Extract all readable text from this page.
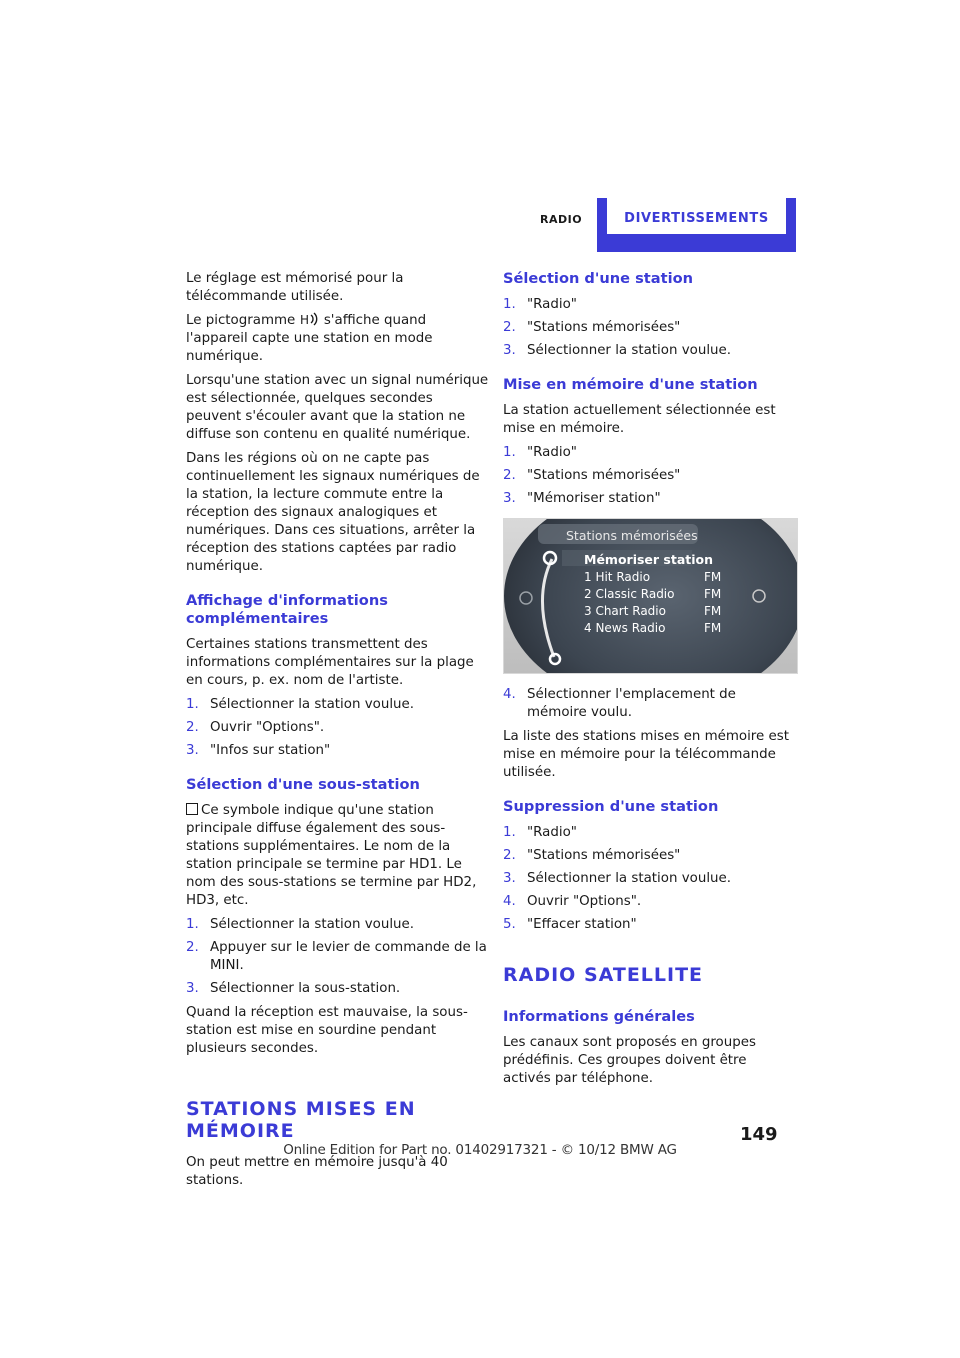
RADIO	DIVERTISSEMENTS

Le réglage est mémorisé pour la télécommande utilisée.

Le pictogramme H s'affiche quand l'appareil capte une station en mode numérique.

Lorsqu'une station avec un signal numérique est sélectionnée, quelques secondes peuvent s'écouler avant que la station ne diffuse son contenu en qualité numérique.

Dans les régions où on ne capte pas continuellement les signaux numériques de la station, la lecture commute entre la réception des signaux analogiques et numériques. Dans ces situations, arrêter la réception des stations captées par radio numérique.

Affichage d'informations complémentaires

Certaines stations transmettent des informations complémentaires sur la plage en cours, p. ex. nom de l'artiste.

1. Sélectionner la station voulue.
2. Ouvrir "Options".
3. "Infos sur station"
Sélection d'une sous-station

Ce symbole indique qu'une station principale diffuse également des sous-stations supplémentaires. Le nom de la station principale se termine par HD1. Le nom des sous-stations se termine par HD2, HD3, etc.

1. Sélectionner la station voulue.
2. Appuyer sur le levier de commande de la MINI.
3. Sélectionner la sous-station.

Quand la réception est mauvaise, la sous-station est mise en sourdine pendant plusieurs secondes.

STATIONS MISES EN MÉMOIRE

On peut mettre en mémoire jusqu'à 40 stations.

Sélection d'une station
1. "Radio"
2. "Stations mémorisées"
3. Sélectionner la station voulue.
Mise en mémoire d'une station

La station actuellement sélectionnée est mise en mémoire.

1. "Radio"
2. "Stations mémorisées"
3. "Mémoriser station"
Stations mémorisées
Mémoriser station
1 Hit Radio	FM
2 Classic Radio FM
3 Chart Radio	FM
4 News Radio	FM
4. Sélectionner l'emplacement de mémoire voulu.

La liste des stations mises en mémoire est mise en mémoire pour la télécommande utilisée.

Suppression d'une station
1. "Radio"
2. "Stations mémorisées"
3. Sélectionner la station voulue.
4. Ouvrir "Options".
5. "Effacer station"
RADIO SATELLITE
Informations générales

Les canaux sont proposés en groupes prédéfinis. Ces groupes doivent être activés par téléphone.

149
Online Edition for Part no. 01402917321 - © 10/12 BMW AG
